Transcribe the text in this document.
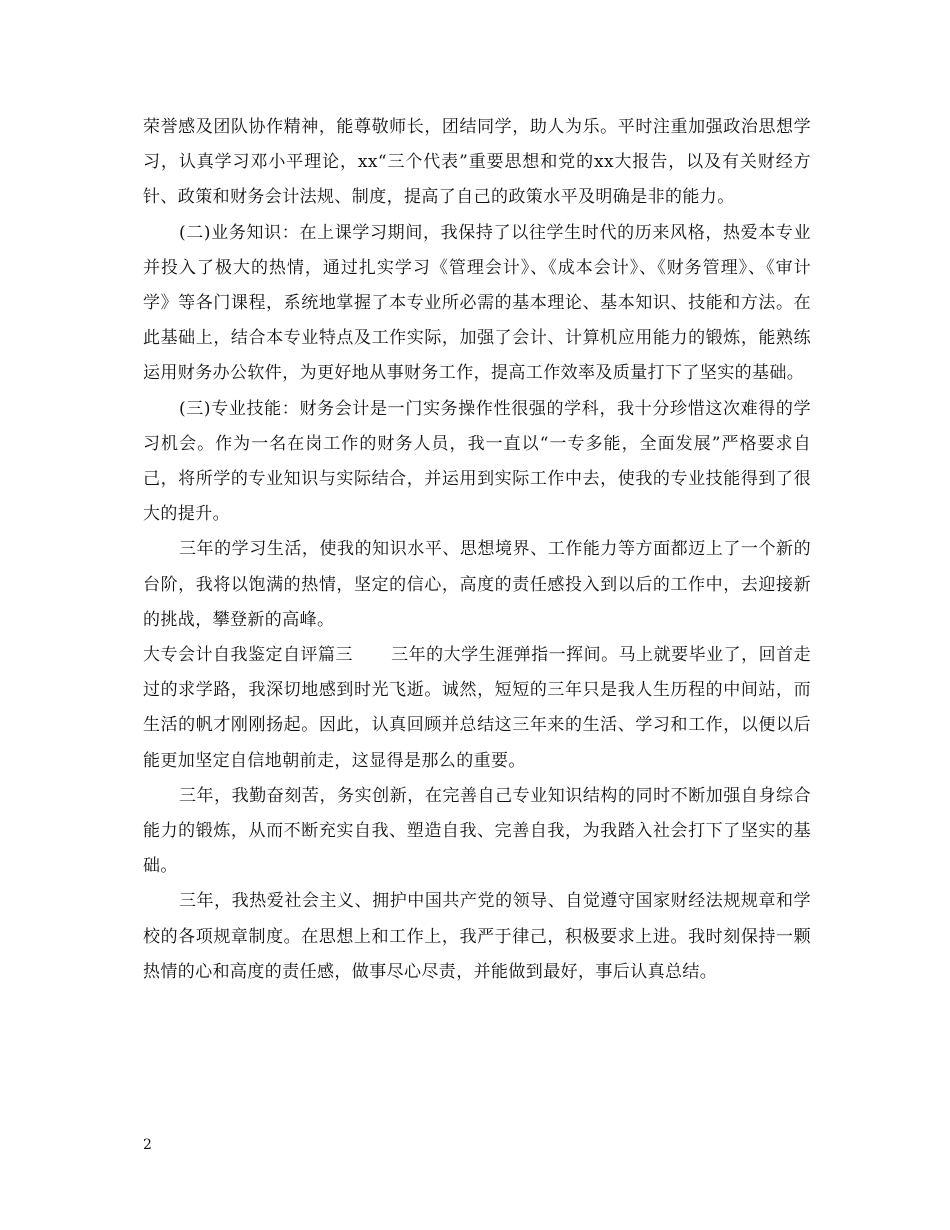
荣誉感及团队协作精神，能尊敬师长，团结同学，助人为乐。平时注重加强政治思想学习，认真学习邓小平理论，xx“三个代表”重要思想和党的xx大报告，以及有关财经方针、政策和财务会计法规、制度，提高了自己的政策水平及明确是非的能力。

(二)业务知识：在上课学习期间，我保持了以往学生时代的历来风格，热爱本专业并投入了极大的热情，通过扎实学习《管理会计》、《成本会计》、《财务管理》、《审计学》等各门课程，系统地掌握了本专业所必需的基本理论、基本知识、技能和方法。在此基础上，结合本专业特点及工作实际，加强了会计、计算机应用能力的锻炼，能熟练运用财务办公软件，为更好地从事财务工作，提高工作效率及质量打下了坚实的基础。

(三)专业技能：财务会计是一门实务操作性很强的学科，我十分珍惜这次难得的学习机会。作为一名在岗工作的财务人员，我一直以“一专多能，全面发展”严格要求自己，将所学的专业知识与实际结合，并运用到实际工作中去，使我的专业技能得到了很大的提升。

三年的学习生活，使我的知识水平、思想境界、工作能力等方面都迈上了一个新的台阶，我将以饱满的热情，坚定的信心，高度的责任感投入到以后的工作中，去迎接新的挑战，攀登新的高峰。

大专会计自我鉴定自评篇三 三年的大学生涯弹指一挥间。马上就要毕业了，回首走过的求学路，我深切地感到时光飞逝。诚然，短短的三年只是我人生历程的中间站，而生活的帆才刚刚扬起。因此，认真回顾并总结这三年来的生活、学习和工作，以便以后能更加坚定自信地朝前走，这显得是那么的重要。

三年，我勤奋刻苦，务实创新，在完善自己专业知识结构的同时不断加强自身综合能力的锻炼，从而不断充实自我、塑造自我、完善自我，为我踏入社会打下了坚实的基础。

三年，我热爱社会主义、拥护中国共产党的领导、自觉遵守国家财经法规规章和学校的各项规章制度。在思想上和工作上，我严于律己，积极要求上进。我时刻保持一颗热情的心和高度的责任感，做事尽心尽责，并能做到最好，事后认真总结。

2
